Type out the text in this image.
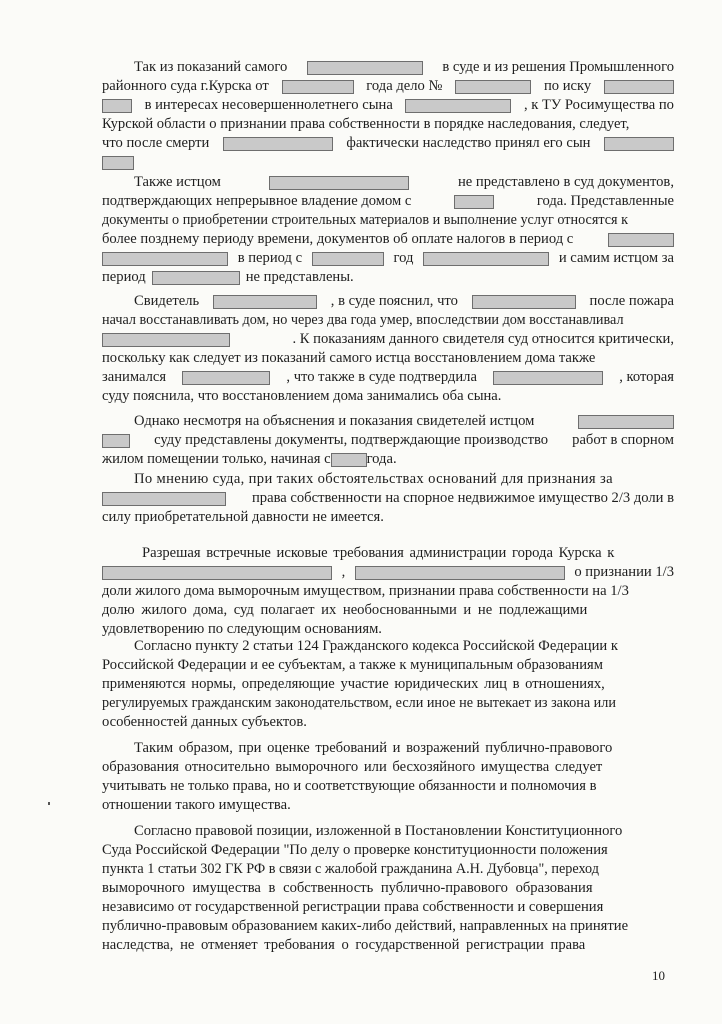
Так из показаний самого	в суде и из решения Промышленного
районного суда г.Курска от	года дело №	по иску
в интересах несовершеннолетнего сына	, к ТУ Росимущества по
Курской области о признании права собственности в порядке наследования, следует,
что после смерти	фактически наследство принял его сын
Также истцом	не представлено в суд документов,
подтверждающих непрерывное владение домом с	года. Представленные
документы о приобретении строительных материалов и выполнение услуг относятся к
более позднему периоду времени, документов об оплате налогов в период с
в период с	год	и самим истцом за
период	не представлены.
Свидетель	, в суде пояснил, что	после пожара
начал восстанавливать дом, но через два года умер, впоследствии дом восстанавливал
. К показаниям данного свидетеля суд относится критически,
поскольку как следует из показаний самого истца восстановлением дома также
занимался	, что также в суде подтвердила	, которая
суду пояснила, что восстановлением дома занимались оба сына.
Однако несмотря на объяснения и показания свидетелей истцом
суду представлены документы, подтверждающие производство работ в спорном
жилом помещении только, начиная с года.
По мнению суда, при таких обстоятельствах оснований для признания за
права собственности на спорное недвижимое имущество 2/3 доли в
силу приобретательной давности не имеется.
Разрешая встречные исковые требования администрации города Курска к
,	о признании 1/3
доли жилого дома выморочным имуществом, признании права собственности на 1/3
долю жилого дома, суд полагает их необоснованными и не подлежащими
удовлетворению по следующим основаниям.
Согласно пункту 2 статьи 124 Гражданского кодекса Российской Федерации к
Российской Федерации и ее субъектам, а также к муниципальным образованиям
применяются нормы, определяющие участие юридических лиц в отношениях,
регулируемых гражданским законодательством, если иное не вытекает из закона или
особенностей данных субъектов.
Таким образом, при оценке требований и возражений публично-правового
образования относительно выморочного или бесхозяйного имущества следует
учитывать не только права, но и соответствующие обязанности и полномочия в
отношении такого имущества.
Согласно правовой позиции, изложенной в Постановлении Конституционного
Суда Российской Федерации "По делу о проверке конституционности положения
пункта 1 статьи 302 ГК РФ в связи с жалобой гражданина А.Н. Дубовца", переход
выморочного имущества в собственность публично-правового образования
независимо от государственной регистрации права собственности и совершения
публично-правовым образованием каких-либо действий, направленных на принятие
наследства, не отменяет требования о государственной регистрации права
10
